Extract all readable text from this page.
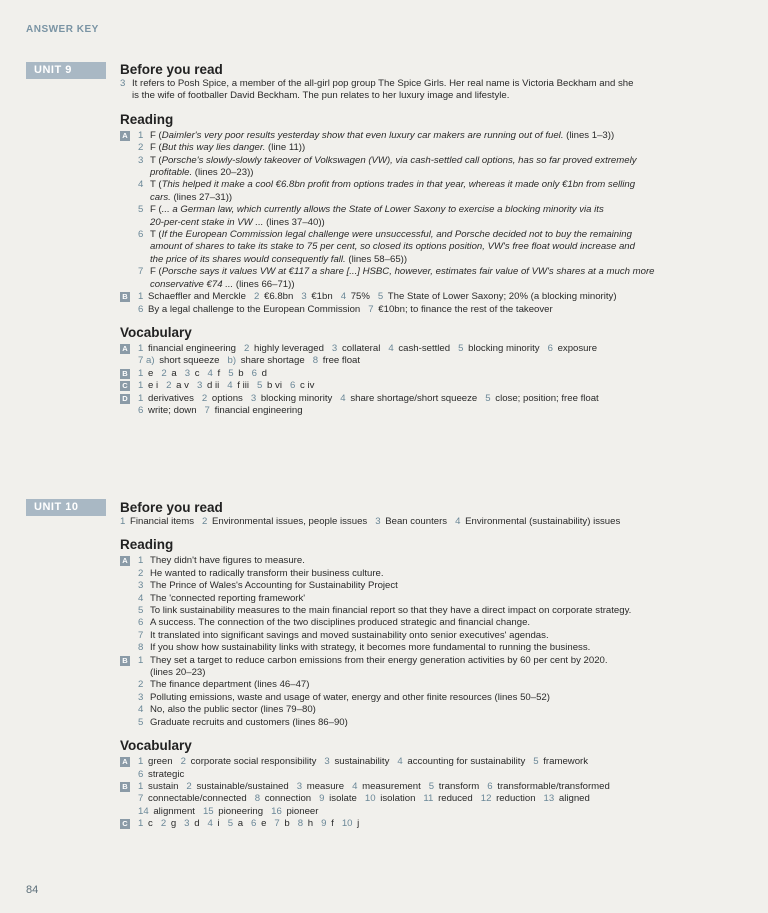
ANSWER KEY
UNIT 9	Before you read
3 It refers to Posh Spice, a member of the all-girl pop group The Spice Girls. Her real name is Victoria Beckham and she
is the wife of footballer David Beckham. The pun relates to her luxury image and lifestyle.
Reading
A 1 F (Daimler's very poor results yesterday show that even luxury car makers are running out of fuel. (lines 1–3))
2 F (But this way lies danger. (line 11))
3 T (Porsche's slowly-slowly takeover of Volkswagen (VW), via cash-settled call options, has so far proved extremely
profitable. (lines 20–23))
4 T (This helped it make a cool €6.8bn profit from options trades in that year, whereas it made only €1bn from selling
cars. (lines 27–31))
5 F (... a German law, which currently allows the State of Lower Saxony to exercise a blocking minority via its
20-per-cent stake in VW ... (lines 37–40))
6 T (If the European Commission legal challenge were unsuccessful, and Porsche decided not to buy the remaining
amount of shares to take its stake to 75 per cent, so closed its options position, VW's free float would increase and
the price of its shares would consequently fall. (lines 58–65))
7 F (Porsche says it values VW at €117 a share [...] HSBC, however, estimates fair value of VW's shares at a much more
conservative €74 ... (lines 66–71))
B 1 Schaeffler and Merckle 2 €6.8bn 3 €1bn 4 75% 5 The State of Lower Saxony; 20% (a blocking minority)
6 By a legal challenge to the European Commission 7 €10bn; to finance the rest of the takeover
Vocabulary
A 1 financial engineering 2 highly leveraged 3 collateral 4 cash-settled 5 blocking minority 6 exposure
7 a) short squeeze b) share shortage 8 free float
B 1 e 2 a 3 c 4 f 5 b 6 d
C 1 e i 2 a v 3 d ii 4 f iii 5 b vi 6 c iv
D 1 derivatives 2 options 3 blocking minority 4 share shortage/short squeeze 5 close; position; free float
6 write; down 7 financial engineering
UNIT 10	Before you read
1 Financial items 2 Environmental issues, people issues 3 Bean counters 4 Environmental (sustainability) issues
Reading
A 1 They didn't have figures to measure.
2 He wanted to radically transform their business culture.
3 The Prince of Wales's Accounting for Sustainability Project
4 The 'connected reporting framework'
5 To link sustainability measures to the main financial report so that they have a direct impact on corporate strategy.
6 A success. The connection of the two disciplines produced strategic and financial change.
7 It translated into significant savings and moved sustainability onto senior executives' agendas.
8 If you show how sustainability links with strategy, it becomes more fundamental to running the business.
B 1 They set a target to reduce carbon emissions from their energy generation activities by 60 per cent by 2020.
(lines 20–23)
2 The finance department (lines 46–47)
3 Polluting emissions, waste and usage of water, energy and other finite resources (lines 50–52)
4 No, also the public sector (lines 79–80)
5 Graduate recruits and customers (lines 86–90)
Vocabulary
A 1 green 2 corporate social responsibility 3 sustainability 4 accounting for sustainability 5 framework
6 strategic
B 1 sustain 2 sustainable/sustained 3 measure 4 measurement 5 transform 6 transformable/transformed
7 connectable/connected 8 connection 9 isolate 10 isolation 11 reduced 12 reduction 13 aligned
14 alignment 15 pioneering 16 pioneer
C 1 c 2 g 3 d 4 i 5 a 6 e 7 b 8 h 9 f 10 j
84
